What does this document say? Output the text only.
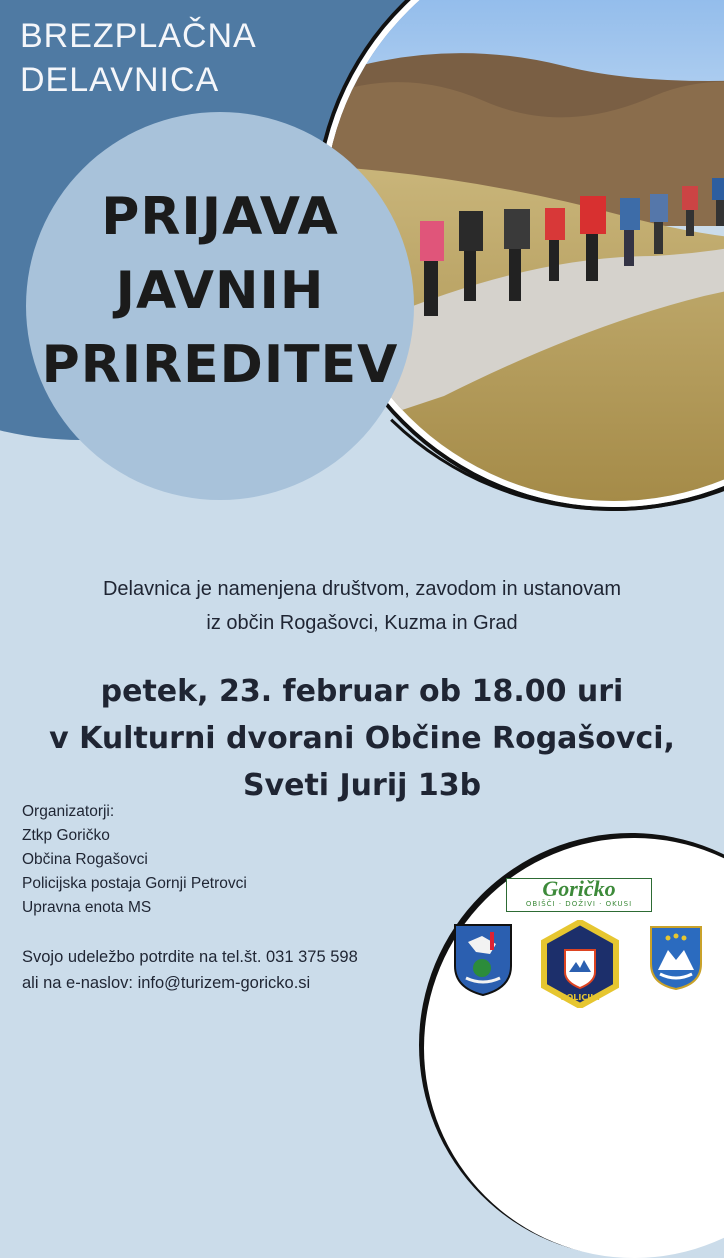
BREZPLAČNA
DELAVNICA
PRIJAVA
JAVNIH
PRIREDITEV
Delavnica je namenjena društvom, zavodom in ustanovam
iz občin Rogašovci, Kuzma in Grad
petek, 23. februar ob 18.00 uri
v Kulturni dvorani Občine Rogašovci,
Sveti Jurij 13b
Organizatorji:
Ztkp Goričko
Občina Rogašovci
Policijska postaja Gornji Petrovci
Upravna enota MS
Svojo udeležbo potrdite na tel.št. 031 375 598
ali na e-naslov: info@turizem-goricko.si
Goričko
OBIŠČI · DOŽIVI · OKUSI
POLICIJA
